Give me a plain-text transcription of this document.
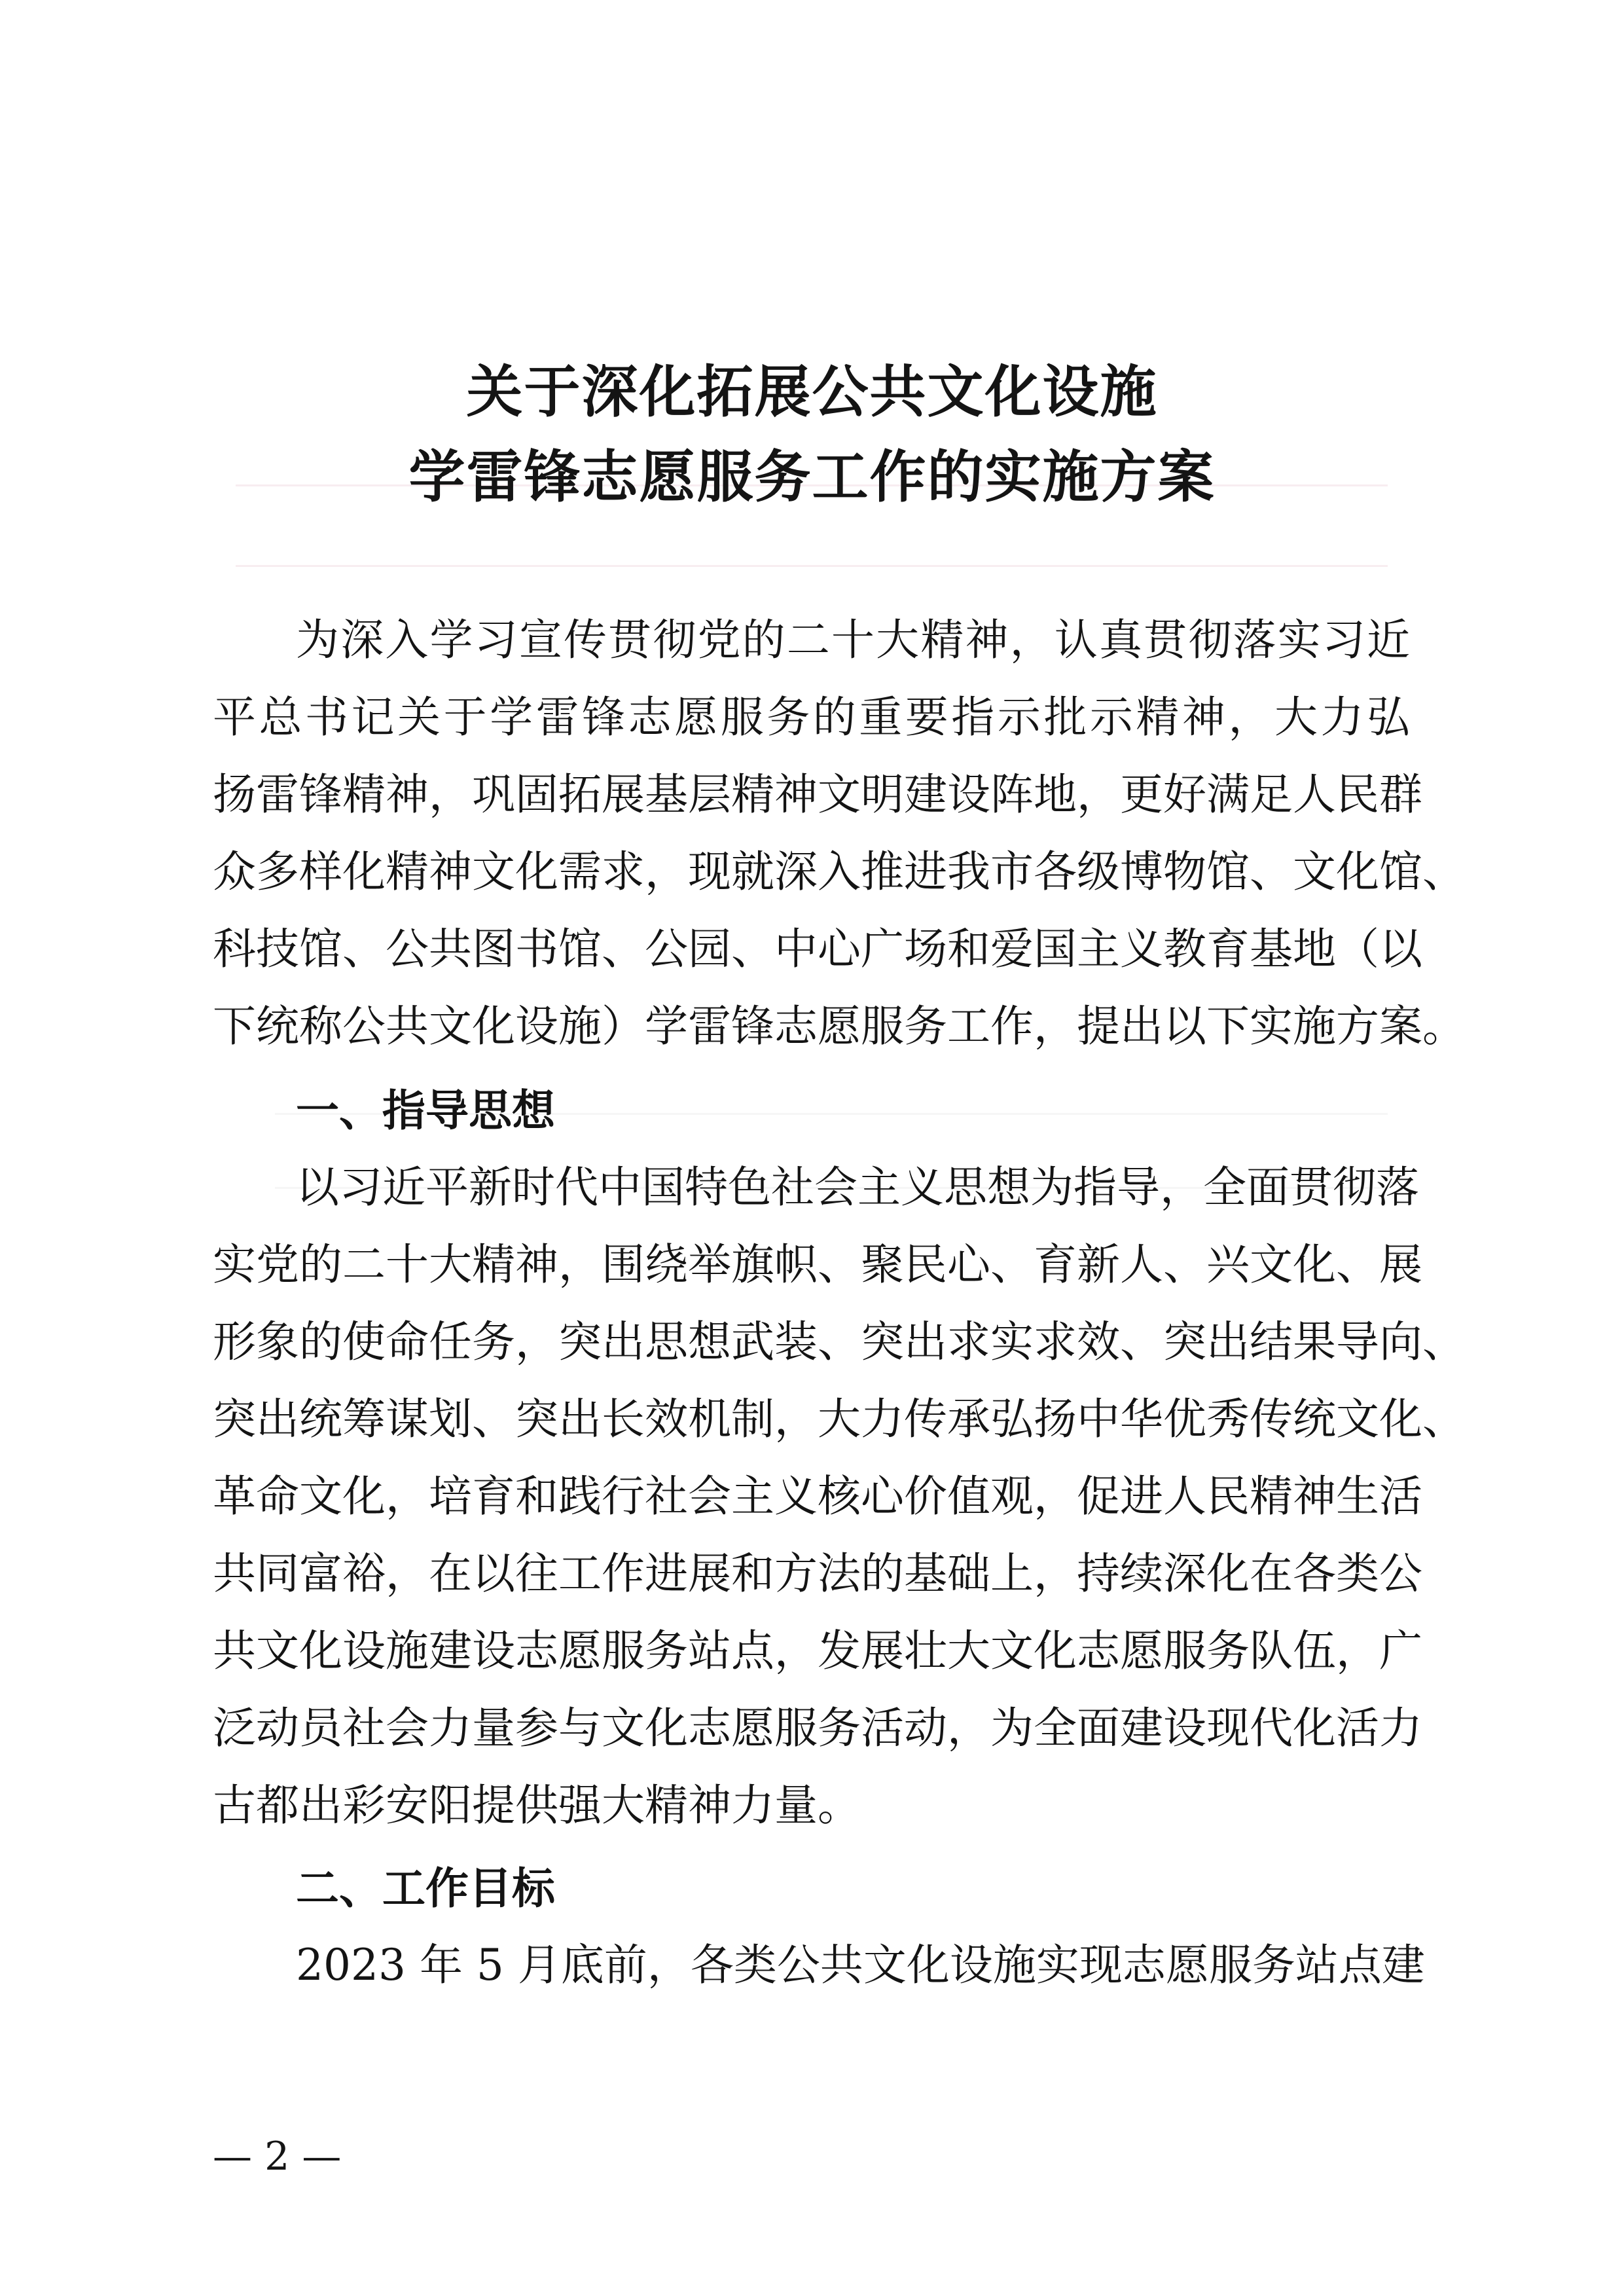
关于深化拓展公共文化设施
学雷锋志愿服务工作的实施方案
为深入学习宣传贯彻党的二十大精神，认真贯彻落实习近
平总书记关于学雷锋志愿服务的重要指示批示精神，大力弘
扬雷锋精神，巩固拓展基层精神文明建设阵地，更好满足人民群
众多样化精神文化需求，现就深入推进我市各级博物馆、文化馆、
科技馆、公共图书馆、公园、中心广场和爱国主义教育基地（以
下统称公共文化设施）学雷锋志愿服务工作，提出以下实施方案。
一、指导思想
以习近平新时代中国特色社会主义思想为指导，全面贯彻落
实党的二十大精神，围绕举旗帜、聚民心、育新人、兴文化、展
形象的使命任务，突出思想武装、突出求实求效、突出结果导向、
突出统筹谋划、突出长效机制，大力传承弘扬中华优秀传统文化、
革命文化，培育和践行社会主义核心价值观，促进人民精神生活
共同富裕，在以往工作进展和方法的基础上，持续深化在各类公
共文化设施建设志愿服务站点，发展壮大文化志愿服务队伍，广
泛动员社会力量参与文化志愿服务活动，为全面建设现代化活力
古都出彩安阳提供强大精神力量。
二、工作目标
2023 年 5 月底前，各类公共文化设施实现志愿服务站点建
— 2 —
